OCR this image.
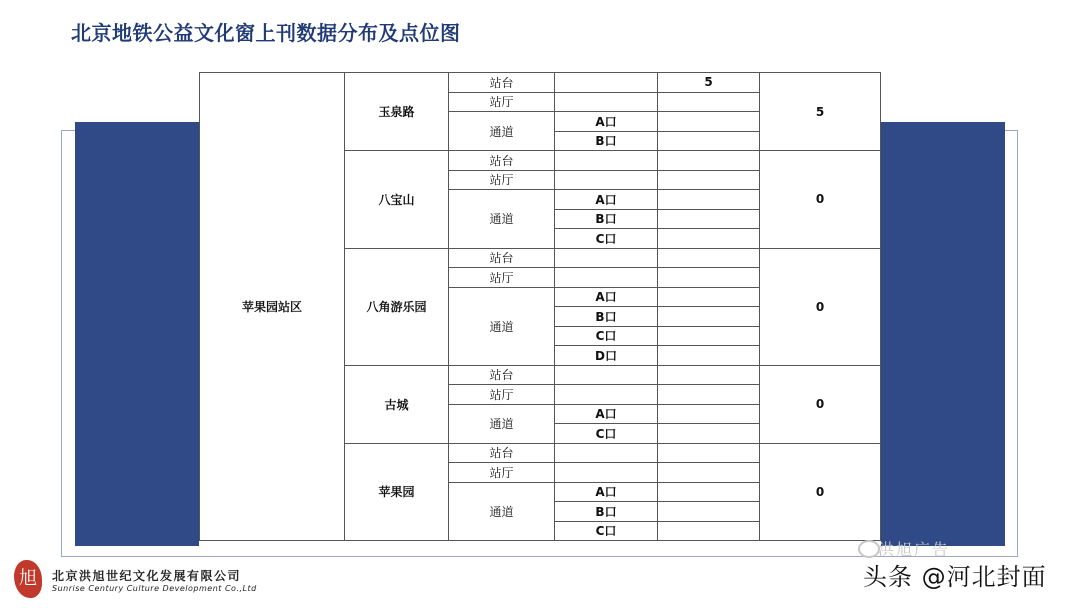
北京地铁公益文化窗上刊数据分布及点位图
苹果园站区	玉泉路	站台		5	5
		站厅			
		通道	A口		
			B口		
	八宝山	站台			0
		站厅			
		通道	A口		
			B口		
			C口		
	八角游乐园	站台			0
		站厅			
		通道	A口		
			B口		
			C口		
			D口		
	古城	站台			0
		站厅			
		通道	A口		
			C口		
	苹果园	站台			0
		站厅			
		通道	A口		
			B口		
			C口		
旭	北京洪旭世纪文化发展有限公司
Sunrise Century Culture Development Co.,Ltd
洪旭广告
头条 @河北封面
